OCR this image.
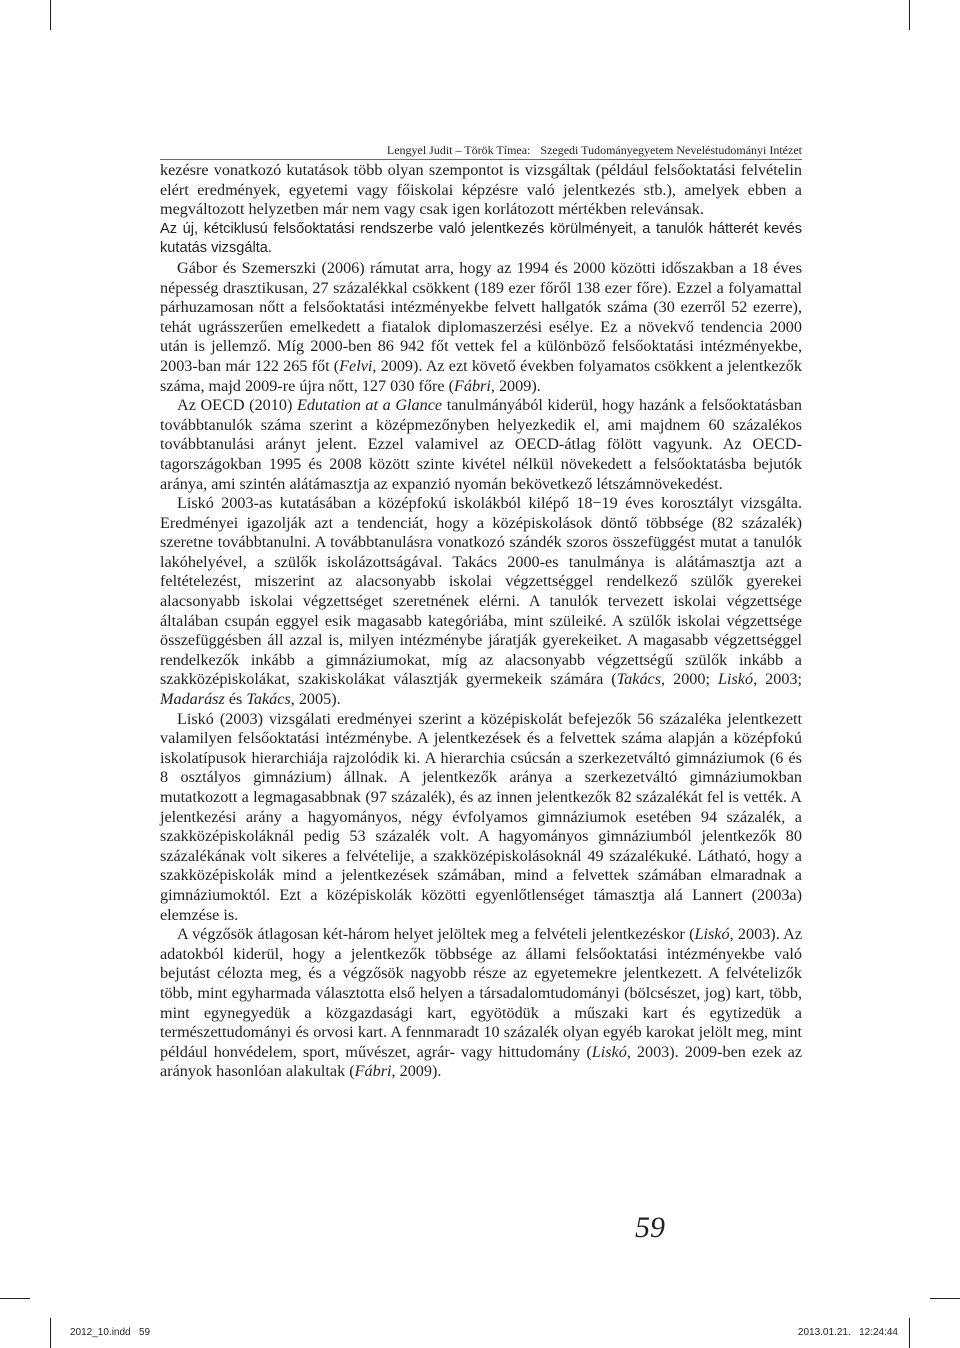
Lengyel Judit – Török Tímea: Szegedi Tudományegyetem Neveléstudományi Intézet

kezésre vonatkozó kutatások több olyan szempontot is vizsgáltak (például felsőoktatási felvételin elért eredmények, egyetemi vagy főiskolai képzésre való jelentkezés stb.), amelyek ebben a megváltozott helyzetben már nem vagy csak igen korlátozott mértékben relevánsak.

Az új, kétciklusú felsőoktatási rendszerbe való jelentkezés körülményeit, a tanulók hátterét kevés kutatás vizsgálta.

Gábor és Szemerszki (2006) rámutat arra, hogy az 1994 és 2000 közötti időszakban a 18 éves népesség drasztikusan, 27 százalékkal csökkent (189 ezer főről 138 ezer főre). Ezzel a folyamattal párhuzamosan nőtt a felsőoktatási intézményekbe felvett hallgatók száma (30 ezerről 52 ezerre), tehát ugrásszerűen emelkedett a fiatalok diplomaszerzési esélye. Ez a növekvő tendencia 2000 után is jellemző. Míg 2000-ben 86 942 főt vettek fel a különböző felsőoktatási intézményekbe, 2003-ban már 122 265 főt (Felvi, 2009). Az ezt követő években folyamatos csökkent a jelentkezők száma, majd 2009-re újra nőtt, 127 030 főre (Fábri, 2009).

Az OECD (2010) Edutation at a Glance tanulmányából kiderül, hogy hazánk a felsőoktatásban továbbtanulók száma szerint a középmezőnyben helyezkedik el, ami majdnem 60 százalékos továbbtanulási arányt jelent. Ezzel valamivel az OECD-átlag fölött vagyunk. Az OECD-tagországokban 1995 és 2008 között szinte kivétel nélkül növekedett a felsőoktatásba bejutók aránya, ami szintén alátámasztja az expanzió nyomán bekövetkező létszámnövekedést.

Liskó 2003-as kutatásában a középfokú iskolákból kilépő 18−19 éves korosztályt vizsgálta. Eredményei igazolják azt a tendenciát, hogy a középiskolások döntő többsége (82 százalék) szeretne továbbtanulni. A továbbtanulásra vonatkozó szándék szoros összefüggést mutat a tanulók lakóhelyével, a szülők iskolázottságával. Takács 2000-es tanulmánya is alátámasztja azt a feltételezést, miszerint az alacsonyabb iskolai végzettséggel rendelkező szülők gyerekei alacsonyabb iskolai végzettséget szeretnének elérni. A tanulók tervezett iskolai végzettsége általában csupán eggyel esik magasabb kategóriába, mint szüleiké. A szülők iskolai végzettsége összefüggésben áll azzal is, milyen intézménybe járatják gyerekeiket. A magasabb végzettséggel rendelkezők inkább a gimnáziumokat, míg az alacsonyabb végzettségű szülők inkább a szakközépiskolákat, szakiskolákat választják gyermekeik számára (Takács, 2000; Liskó, 2003; Madarász és Takács, 2005).

Liskó (2003) vizsgálati eredményei szerint a középiskolát befejezők 56 százaléka jelentkezett valamilyen felsőoktatási intézménybe. A jelentkezések és a felvettek száma alapján a középfokú iskolatípusok hierarchiája rajzolódik ki. A hierarchia csúcsán a szerkezetváltó gimnáziumok (6 és 8 osztályos gimnázium) állnak. A jelentkezők aránya a szerkezetváltó gimnáziumokban mutatkozott a legmagasabbnak (97 százalék), és az innen jelentkezők 82 százalékát fel is vették. A jelentkezési arány a hagyományos, négy évfolyamos gimnáziumok esetében 94 százalék, a szakközépiskoláknál pedig 53 százalék volt. A hagyományos gimnáziumból jelentkezők 80 százalékának volt sikeres a felvételije, a szakközépiskolásoknál 49 százalékuké. Látható, hogy a szakközépiskolák mind a jelentkezések számában, mind a felvettek számában elmaradnak a gimnáziumoktól. Ezt a középiskolák közötti egyenlőtlenséget támasztja alá Lannert (2003a) elemzése is.

A végzősök átlagosan két-három helyet jelöltek meg a felvételi jelentkezéskor (Liskó, 2003). Az adatokból kiderül, hogy a jelentkezők többsége az állami felsőoktatási intézményekbe való bejutást célozta meg, és a végzősök nagyobb része az egyetemekre jelentkezett. A felvételizők több, mint egyharmada választotta első helyen a társadalomtudományi (bölcsészet, jog) kart, több, mint egynegyedük a közgazdasági kart, egyötödük a műszaki kart és egytizedük a természettudományi és orvosi kart. A fennmaradt 10 százalék olyan egyéb karokat jelölt meg, mint például honvédelem, sport, művészet, agrár- vagy hittudomány (Liskó, 2003). 2009-ben ezek az arányok hasonlóan alakultak (Fábri, 2009).

59
2012_10.indd   59	2013.01.21.   12:24:44
